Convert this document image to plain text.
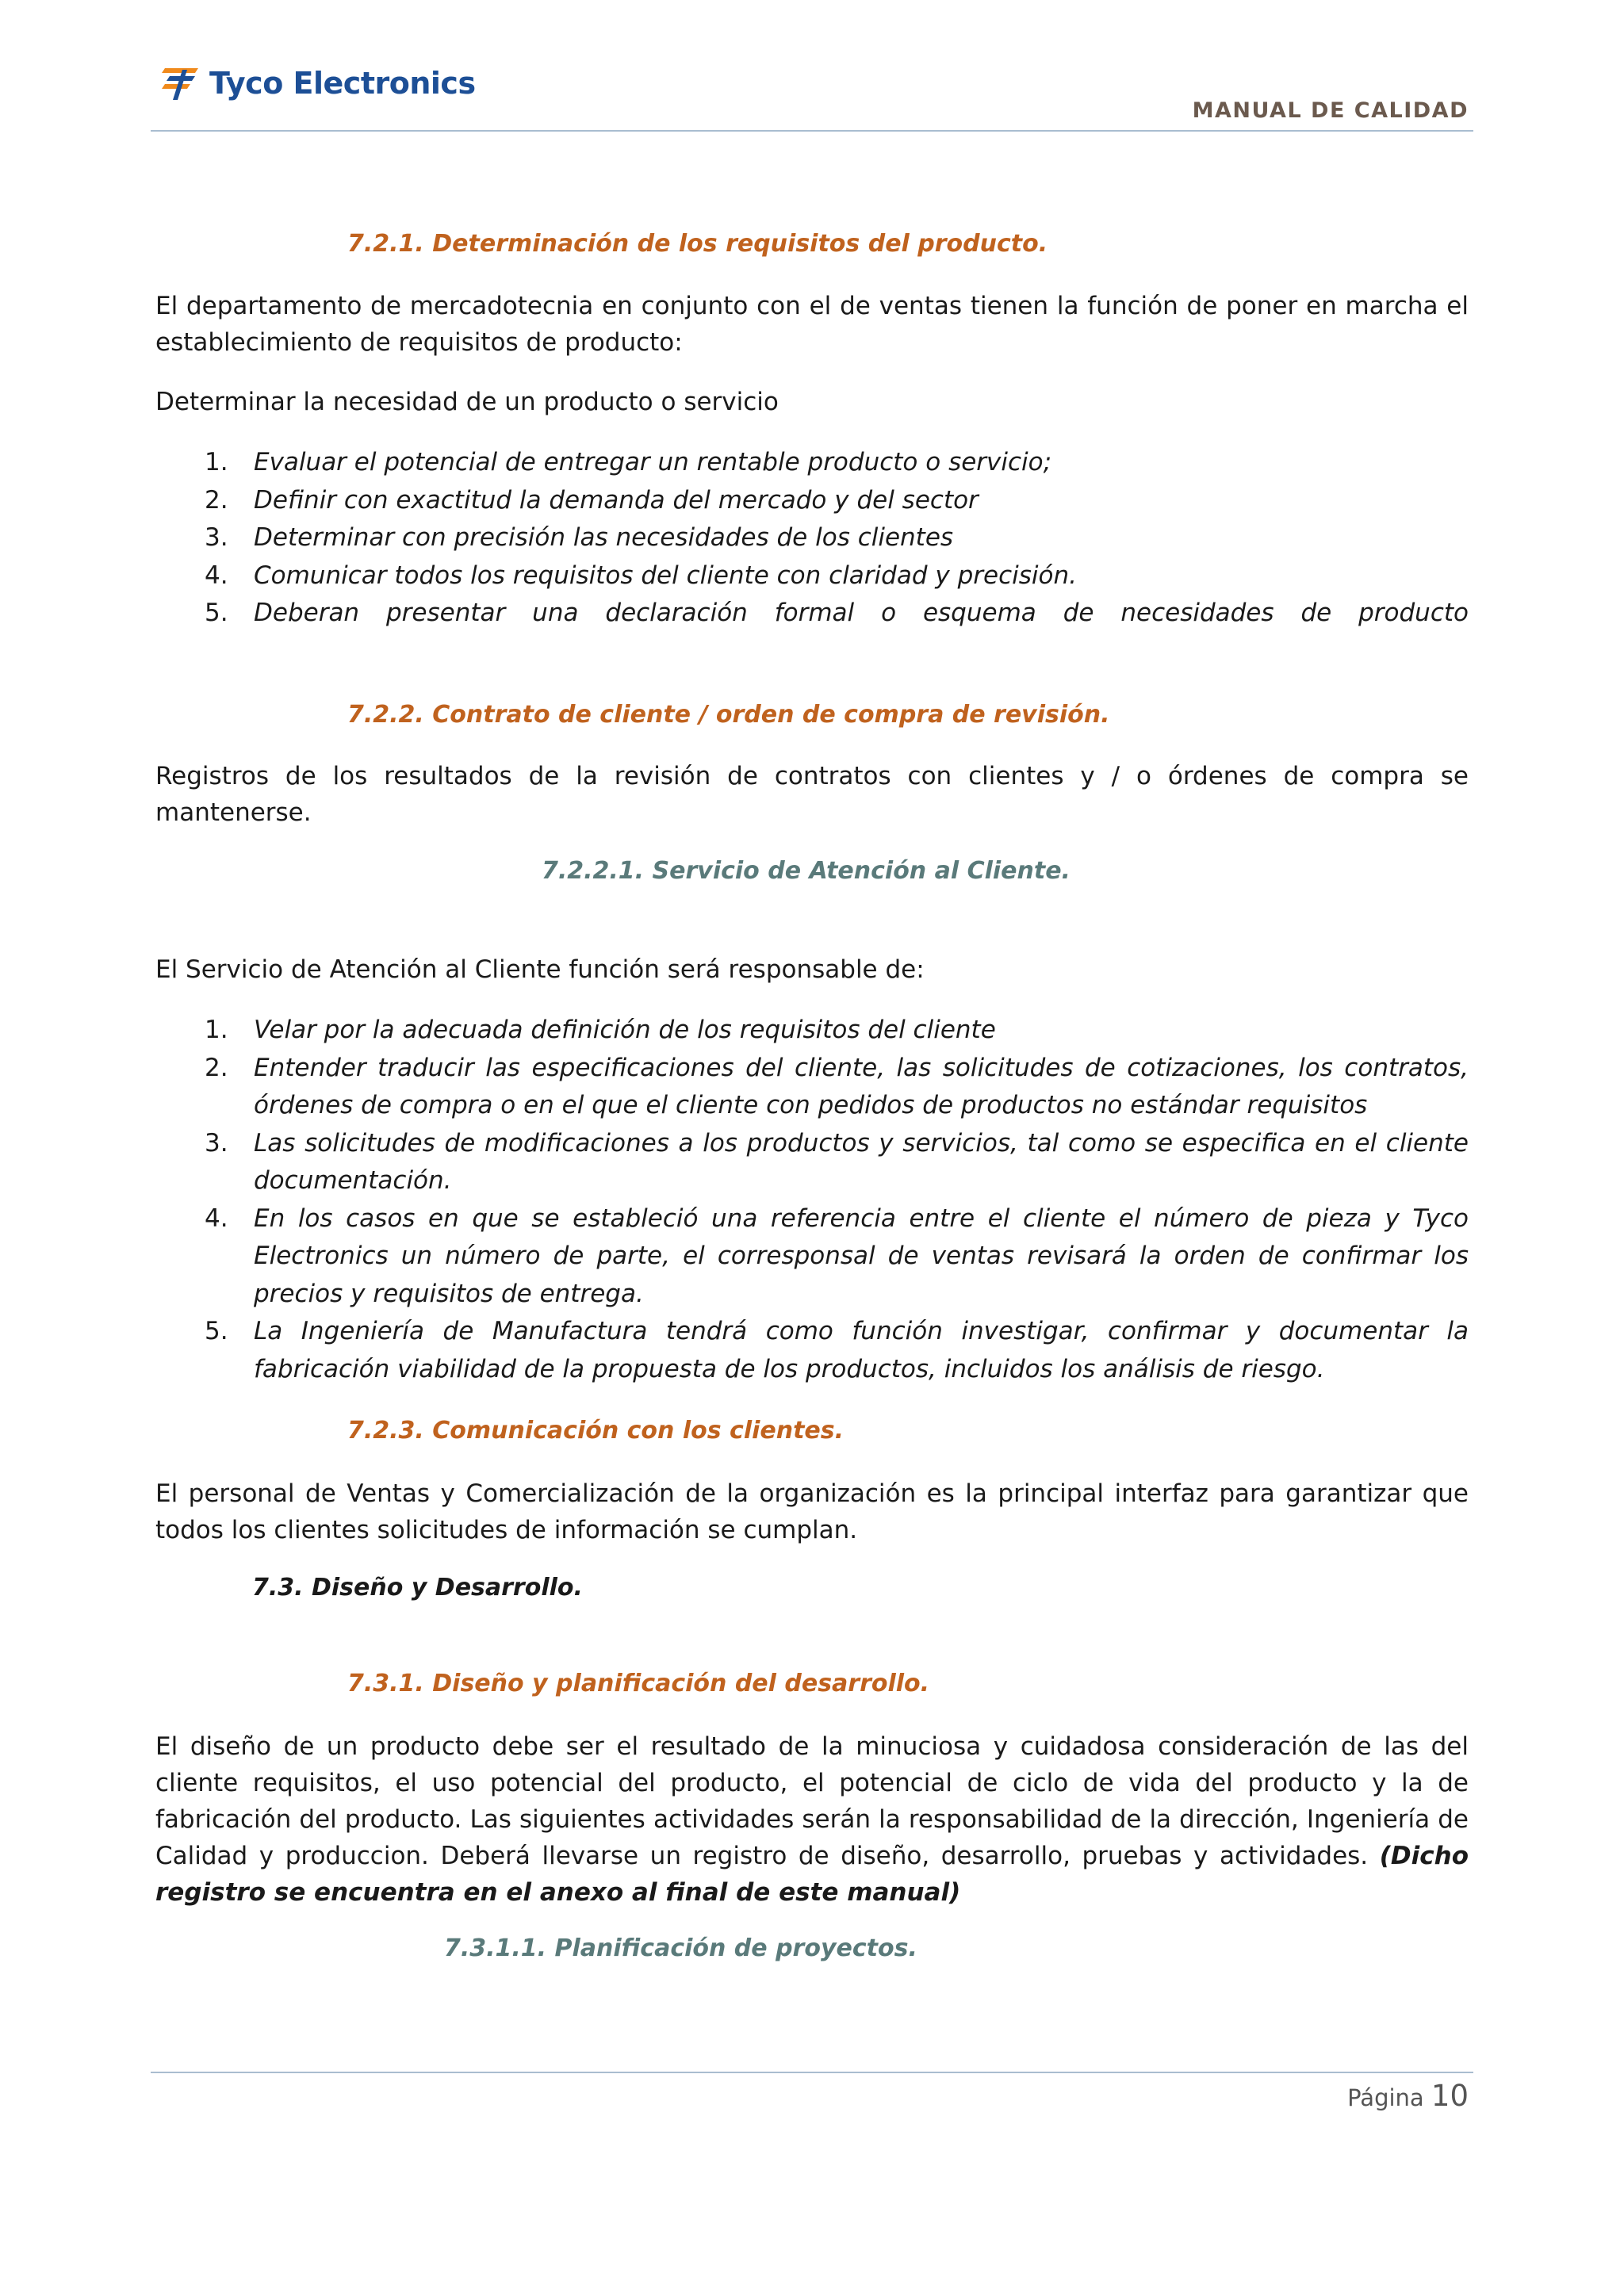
Tyco Electronics
MANUAL DE CALIDAD
7.2.1. Determinación de los requisitos del producto.
El departamento de mercadotecnia en conjunto con el de ventas tienen la función de poner en marcha el establecimiento de requisitos de producto:
Determinar la necesidad de un producto o servicio
1. Evaluar el potencial de entregar un rentable producto o servicio;
2. Definir con exactitud la demanda del mercado y del sector
3. Determinar con precisión las necesidades de los clientes
4. Comunicar todos los requisitos del cliente con claridad y precisión.
5. Deberan presentar una declaración formal o esquema de necesidades de producto
7.2.2. Contrato de cliente / orden de compra de revisión.
Registros de los resultados de la revisión de contratos con clientes y / o órdenes de compra se mantenerse.
7.2.2.1. Servicio de Atención al Cliente.
El Servicio de Atención al Cliente función será responsable de:
1. Velar por la adecuada definición de los requisitos del cliente
2. Entender traducir las especificaciones del cliente, las solicitudes de cotizaciones, los contratos, órdenes de compra o en el que el cliente con pedidos de productos no estándar requisitos
3. Las solicitudes de modificaciones a los productos y servicios, tal como se especifica en el cliente documentación.
4. En los casos en que se estableció una referencia entre el cliente el número de pieza y Tyco Electronics un número de parte, el corresponsal de ventas revisará la orden de confirmar los precios y requisitos de entrega.
5. La Ingeniería de Manufactura tendrá como función investigar, confirmar y documentar la fabricación viabilidad de la propuesta de los productos, incluidos los análisis de riesgo.
7.2.3. Comunicación con los clientes.
El personal de Ventas y Comercialización de la organización es la principal interfaz para garantizar que todos los clientes solicitudes de información se cumplan.
7.3. Diseño y Desarrollo.
7.3.1. Diseño y planificación del desarrollo.
El diseño de un producto debe ser el resultado de la minuciosa y cuidadosa consideración de las del cliente requisitos, el uso potencial del producto, el potencial de ciclo de vida del producto y la de fabricación del producto. Las siguientes actividades serán la responsabilidad de la dirección, Ingeniería de Calidad y produccion. Deberá llevarse un registro de diseño, desarrollo, pruebas y actividades. (Dicho registro se encuentra en el anexo al final de este manual)
7.3.1.1. Planificación de proyectos.
Página 10
